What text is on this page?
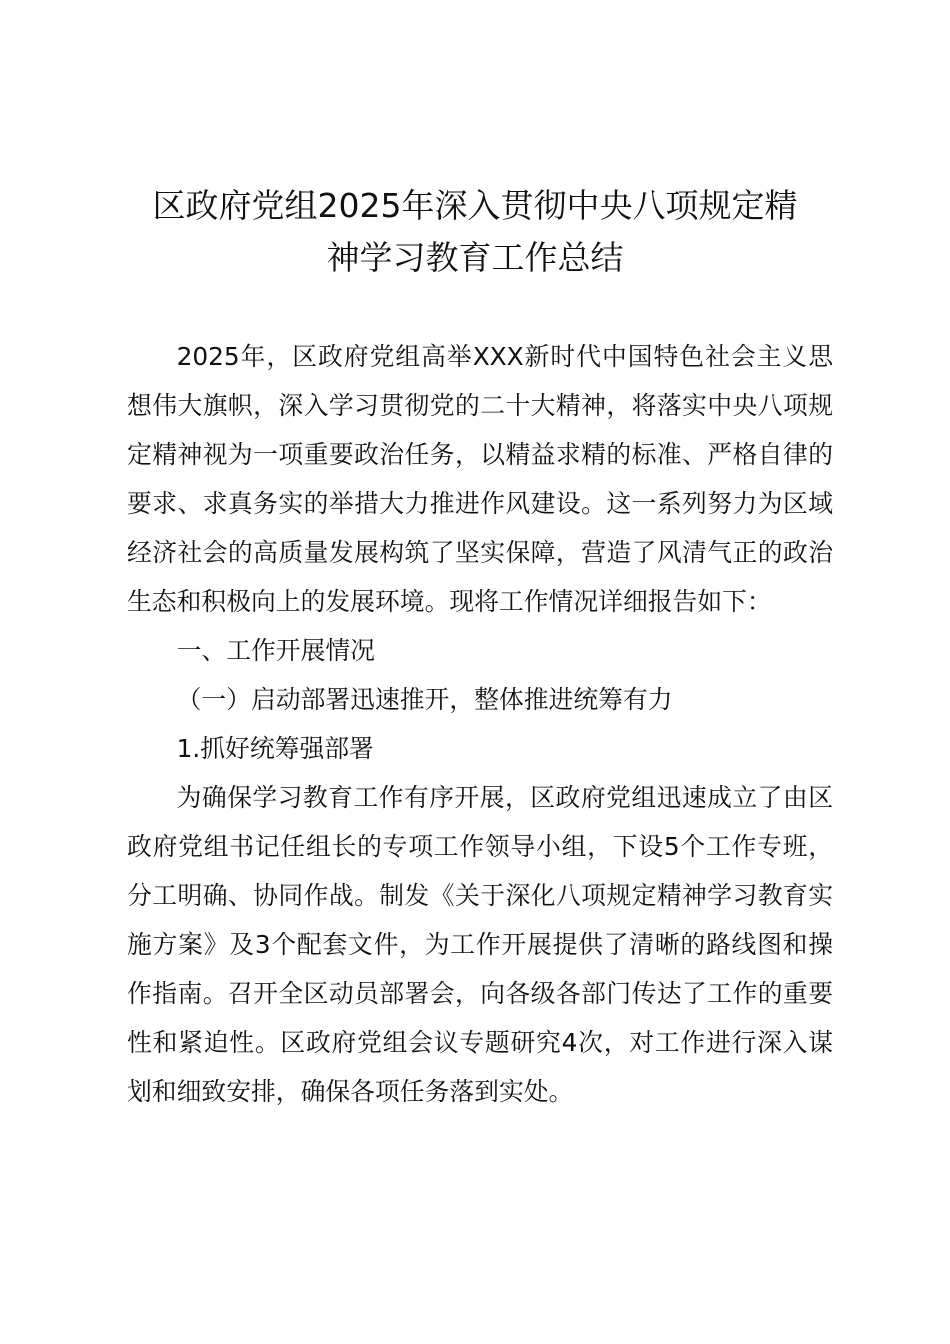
区政府党组2025年深入贯彻中央八项规定精
神学习教育工作总结

2025年，区政府党组高举XXX新时代中国特色社会主义思想伟大旗帜，深入学习贯彻党的二十大精神，将落实中央八项规定精神视为一项重要政治任务，以精益求精的标准、严格自律的要求、求真务实的举措大力推进作风建设。这一系列努力为区域经济社会的高质量发展构筑了坚实保障，营造了风清气正的政治生态和积极向上的发展环境。现将工作情况详细报告如下：

一、工作开展情况

（一）启动部署迅速推开，整体推进统筹有力

1.抓好统筹强部署

为确保学习教育工作有序开展，区政府党组迅速成立了由区政府党组书记任组长的专项工作领导小组，下设5个工作专班，分工明确、协同作战。制发《关于深化八项规定精神学习教育实施方案》及3个配套文件，为工作开展提供了清晰的路线图和操作指南。召开全区动员部署会，向各级各部门传达了工作的重要性和紧迫性。区政府党组会议专题研究4次，对工作进行深入谋划和细致安排，确保各项任务落到实处。
